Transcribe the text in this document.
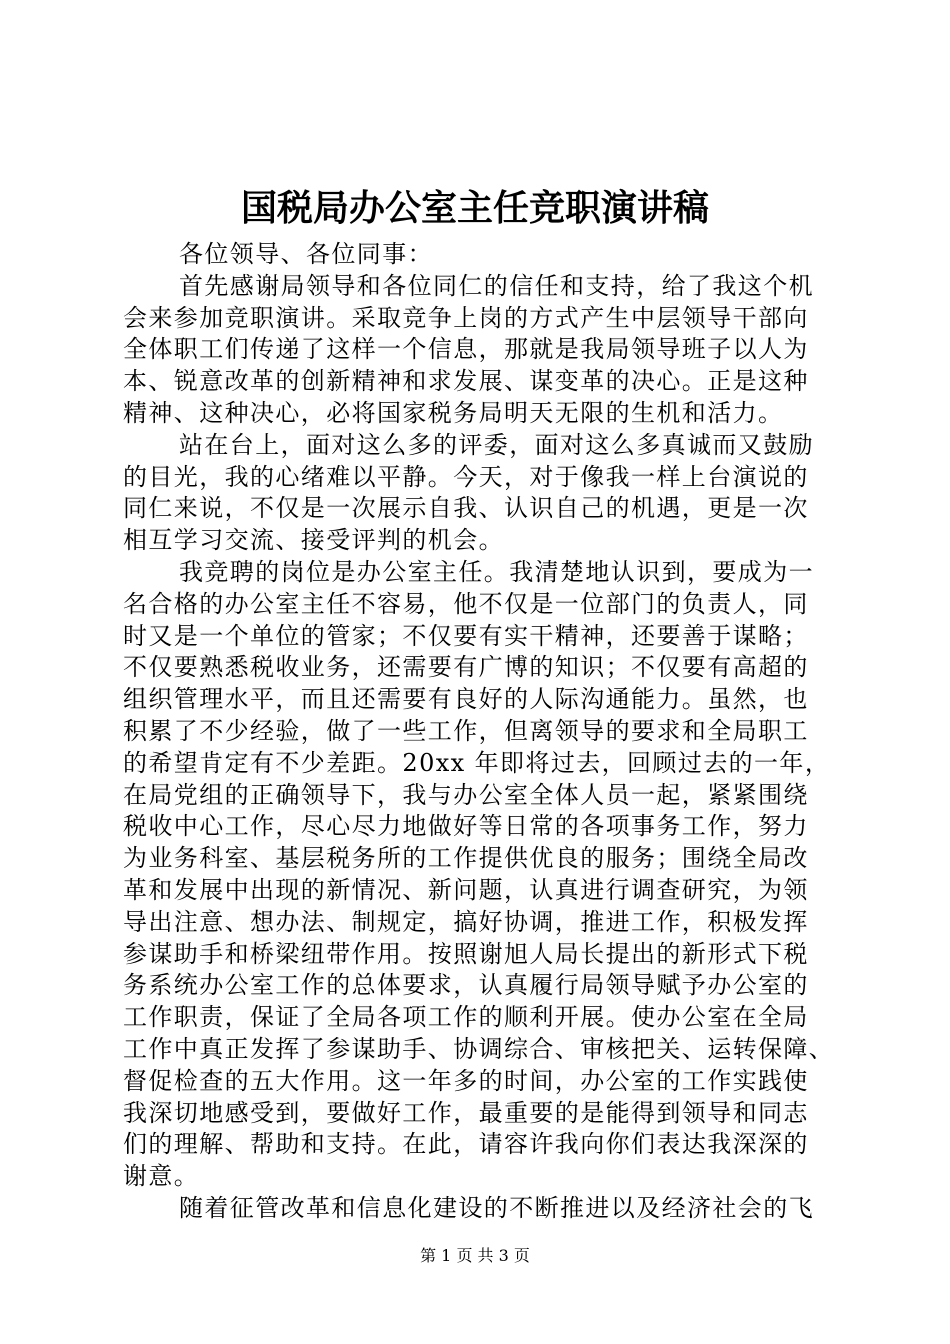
国税局办公室主任竞职演讲稿
各位领导、各位同事：
首先感谢局领导和各位同仁的信任和支持，给了我这个机
会来参加竞职演讲。采取竞争上岗的方式产生中层领导干部向
全体职工们传递了这样一个信息，那就是我局领导班子以人为
本、锐意改革的创新精神和求发展、谋变革的决心。正是这种
精神、这种决心，必将国家税务局明天无限的生机和活力。
站在台上，面对这么多的评委，面对这么多真诚而又鼓励
的目光，我的心绪难以平静。今天，对于像我一样上台演说的
同仁来说，不仅是一次展示自我、认识自己的机遇，更是一次
相互学习交流、接受评判的机会。
我竞聘的岗位是办公室主任。我清楚地认识到，要成为一
名合格的办公室主任不容易，他不仅是一位部门的负责人，同
时又是一个单位的管家；不仅要有实干精神，还要善于谋略；
不仅要熟悉税收业务，还需要有广博的知识；不仅要有高超的
组织管理水平，而且还需要有良好的人际沟通能力。虽然，也
积累了不少经验，做了一些工作，但离领导的要求和全局职工
的希望肯定有不少差距。20xx 年即将过去，回顾过去的一年，
在局党组的正确领导下，我与办公室全体人员一起，紧紧围绕
税收中心工作，尽心尽力地做好等日常的各项事务工作，努力
为业务科室、基层税务所的工作提供优良的服务；围绕全局改
革和发展中出现的新情况、新问题，认真进行调查研究，为领
导出注意、想办法、制规定，搞好协调，推进工作，积极发挥
参谋助手和桥梁纽带作用。按照谢旭人局长提出的新形式下税
务系统办公室工作的总体要求，认真履行局领导赋予办公室的
工作职责，保证了全局各项工作的顺利开展。使办公室在全局
工作中真正发挥了参谋助手、协调综合、审核把关、运转保障、
督促检查的五大作用。这一年多的时间，办公室的工作实践使
我深切地感受到，要做好工作，最重要的是能得到领导和同志
们的理解、帮助和支持。在此，请容许我向你们表达我深深的
谢意。
随着征管改革和信息化建设的不断推进以及经济社会的飞
第 1 页 共 3 页
